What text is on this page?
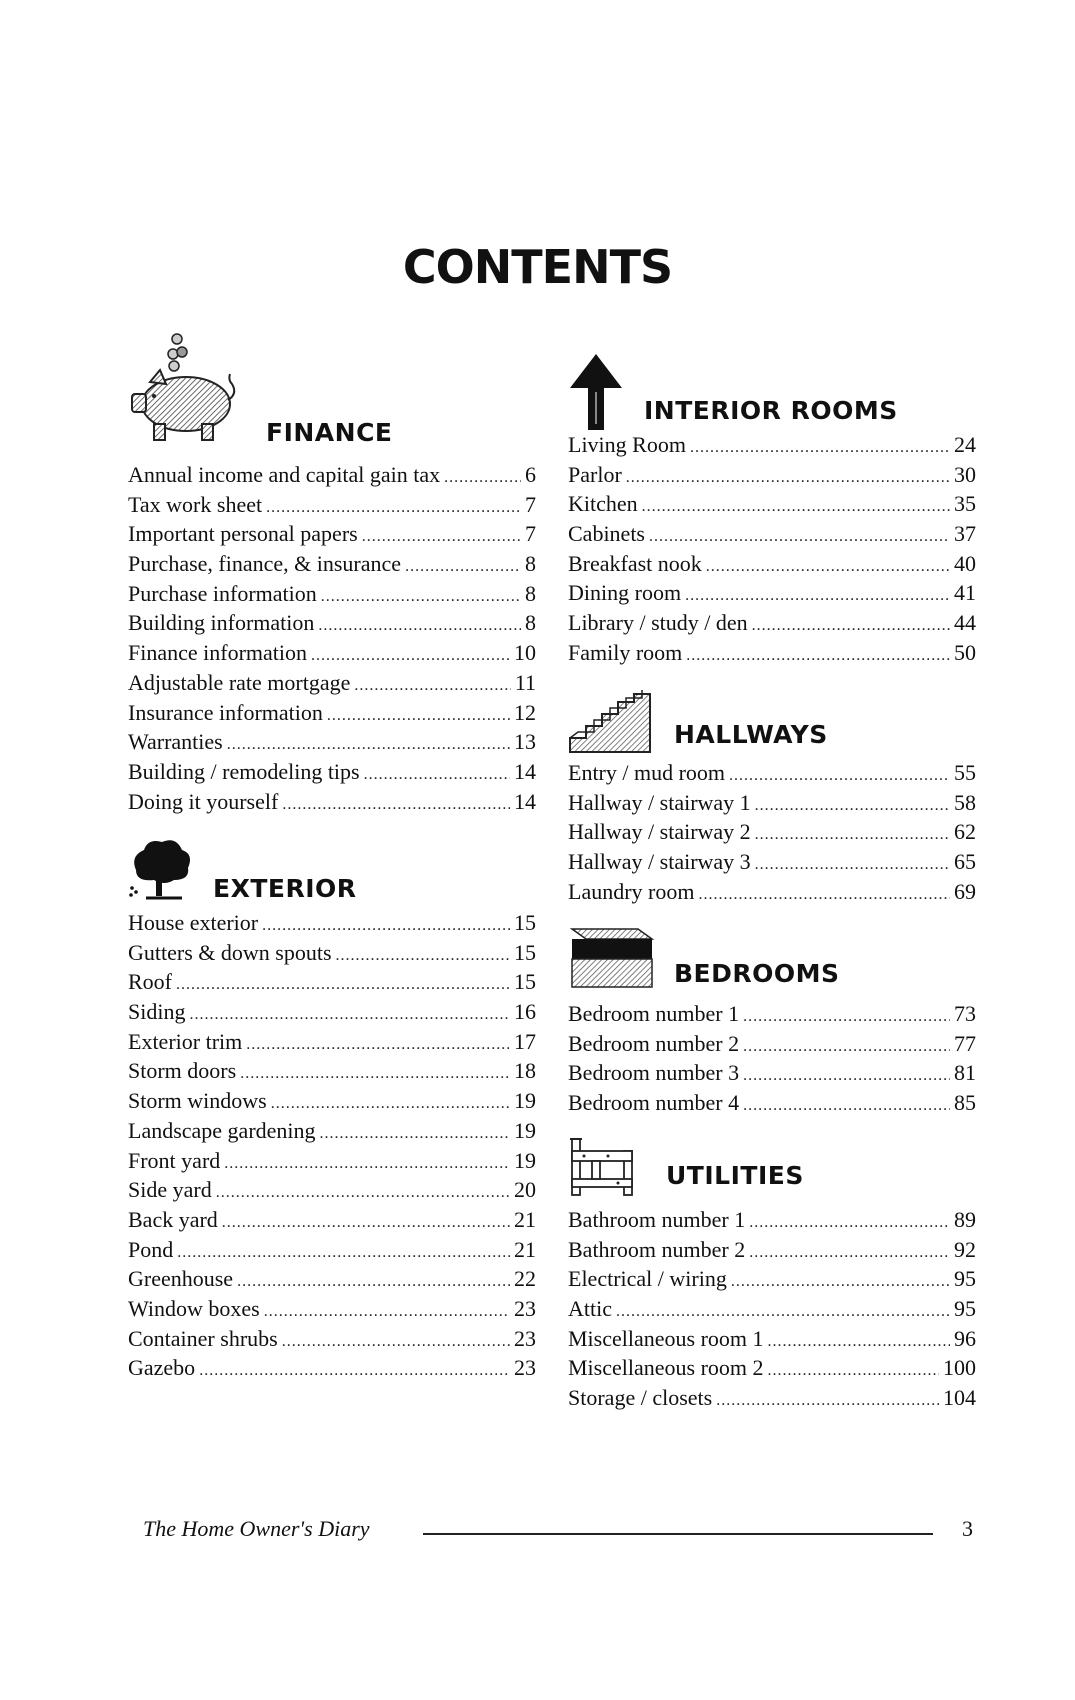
CONTENTS
FINANCE
Annual income and capital gain tax .....	6
Tax work sheet .....	7
Important personal papers .....	7
Purchase, finance, & insurance .....	8
Purchase information .....	8
Building information .....	8
Finance information .....	10
Adjustable rate mortgage .....	11
Insurance information .....	12
Warranties .....	13
Building / remodeling tips .....	14
Doing it yourself .....	14
EXTERIOR
House exterior .....	15
Gutters & down spouts .....	15
Roof .....	15
Siding .....	16
Exterior trim .....	17
Storm doors .....	18
Storm windows .....	19
Landscape gardening .....	19
Front yard .....	19
Side yard .....	20
Back yard .....	21
Pond .....	21
Greenhouse .....	22
Window boxes .....	23
Container shrubs .....	23
Gazebo .....	23
INTERIOR ROOMS
Living Room .....	24
Parlor .....	30
Kitchen .....	35
Cabinets .....	37
Breakfast nook .....	40
Dining room .....	41
Library / study / den .....	44
Family room .....	50
HALLWAYS
Entry / mud room .....	55
Hallway / stairway 1 .....	58
Hallway / stairway 2 .....	62
Hallway / stairway 3 .....	65
Laundry room .....	69
BEDROOMS
Bedroom number 1 .....	73
Bedroom number 2 .....	77
Bedroom number 3 .....	81
Bedroom number 4 .....	85
UTILITIES
Bathroom number 1 .....	89
Bathroom number 2 .....	92
Electrical / wiring .....	95
Attic .....	95
Miscellaneous room 1 .....	96
Miscellaneous room 2 .....	100
Storage / closets .....	104
The Home Owner's Diary	3
